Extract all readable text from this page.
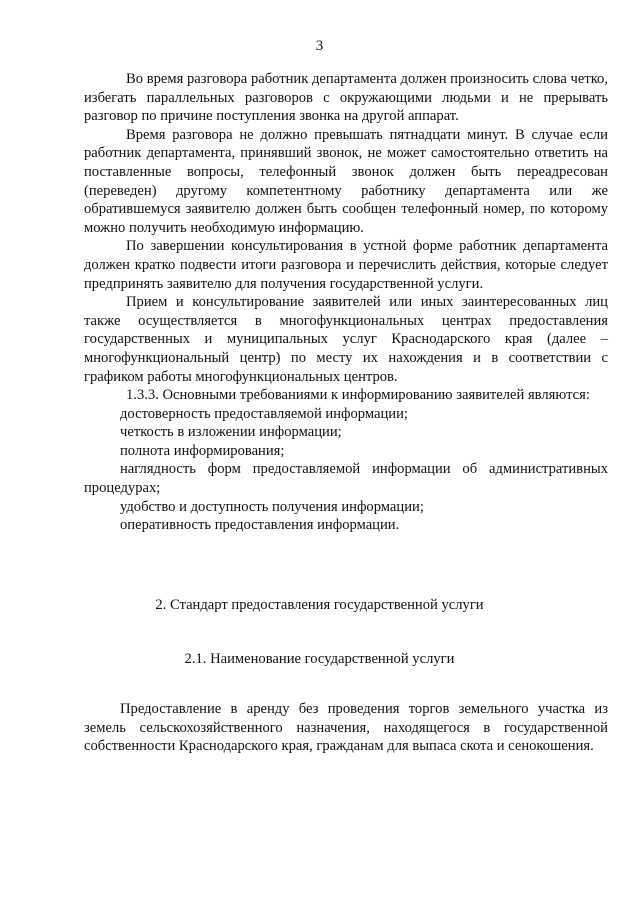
3

Во время разговора работник департамента должен произносить слова четко, избегать параллельных разговоров с окружающими людьми и не прерывать разговор по причине поступления звонка на другой аппарат.

Время разговора не должно превышать пятнадцати минут. В случае если работник департамента, принявший звонок, не может самостоятельно ответить на поставленные вопросы, телефонный звонок должен быть переадресован (переведен) другому компетентному работнику департамента или же обратившемуся заявителю должен быть сообщен телефонный номер, по которому можно получить необходимую информацию.

По завершении консультирования в устной форме работник департамента должен кратко подвести итоги разговора и перечислить действия, которые следует предпринять заявителю для получения государственной услуги.

Прием и консультирование заявителей или иных заинтересованных лиц также осуществляется в многофункциональных центрах предоставления государственных и муниципальных услуг Краснодарского края (далее – многофункциональный центр) по месту их нахождения и в соответствии с графиком работы многофункциональных центров.

1.3.3. Основными требованиями к информированию заявителей являются:

достоверность предоставляемой информации;

четкость в изложении информации;

полнота информирования;

наглядность форм предоставляемой информации об административных процедурах;

удобство и доступность получения информации;

оперативность предоставления информации.

2. Стандарт предоставления государственной услуги
2.1. Наименование государственной услуги

Предоставление в аренду без проведения торгов земельного участка из земель сельскохозяйственного назначения, находящегося в государственной собственности Краснодарского края, гражданам для выпаса скота и сенокошения.
